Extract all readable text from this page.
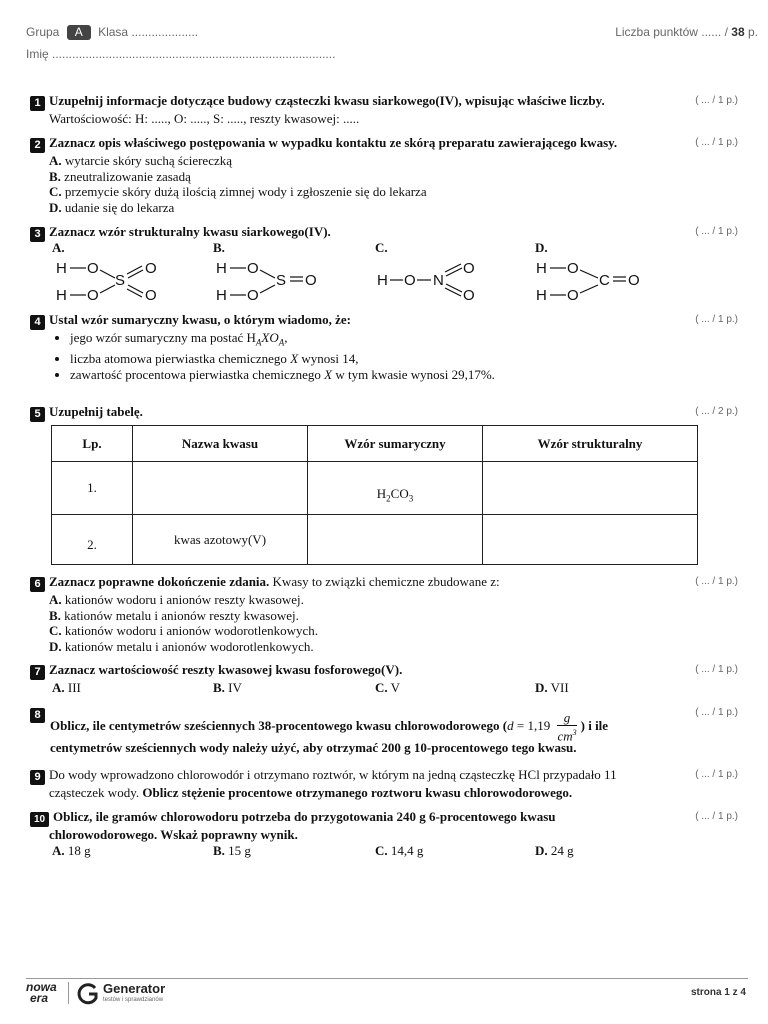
Grupa A Klasa ....................	Liczba punktów ...... / 38 p.
Imię .....................................................................................
1 Uzupełnij informacje dotyczące budowy cząsteczki kwasu siarkowego(IV), wpisując właściwe liczby.
Wartościowość: H: ....., O: ....., S: ....., reszty kwasowej: .....
( ... / 1 p.)
2 Zaznacz opis właściwego postępowania w wypadku kontaktu ze skórą preparatu zawierającego kwasy.
A. wytarcie skóry suchą ściereczką
B. zneutralizowanie zasadą
C. przemycie skóry dużą ilością zimnej wody i zgłoszenie się do lekarza
D. udanie się do lekarza
( ... / 1 p.)
3 Zaznacz wzór strukturalny kwasu siarkowego(IV).	( ... / 1 p.)
A.	B.	C.	D.
H O
S
O
O
H O
H O
S O
H O
H O N
O
O
H O
C O
H O
4 Ustal wzór sumaryczny kwasu, o którym wiadomo, że:
• jego wzór sumaryczny ma postać $H_AXO_A$,
• liczba atomowa pierwiastka chemicznego X wynosi 14,
• zawartość procentowa pierwiastka chemicznego X w tym kwasie wynosi 29,17%.
( ... / 1 p.)
5 Uzupełnij tabelę.	( ... / 2 p.)
Lp.	Nazwa kwasu	Wzór sumaryczny	Wzór strukturalny
1.		$H_2CO_3$	
2.	kwas azotowy(V)		
6 Zaznacz poprawne dokończenie zdania. Kwasy to związki chemiczne zbudowane z:
A. kationów wodoru i anionów reszty kwasowej.
B. kationów metalu i anionów reszty kwasowej.
C. kationów wodoru i anionów wodorotlenkowych.
D. kationów metalu i anionów wodorotlenkowych.
( ... / 1 p.)
7 Zaznacz wartościowość reszty kwasowej kwasu fosforowego(V).
A. III	B. IV	C. V	D. VII
( ... / 1 p.)
8
Oblicz, ile centymetrów sześciennych 38-procentowego kwasu chlorowodorowego ($d = 1,19 \frac{g}{cm^3}$ ) i ile
centymetrów sześciennych wody należy użyć, aby otrzymać 200 g 10-procentowego tego kwasu.
( ... / 1 p.)
9 Do wody wprowadzono chlorowodór i otrzymano roztwór, w którym na jedną cząsteczkę HCl przypadało 11
cząsteczek wody. Oblicz stężenie procentowe otrzymanego roztworu kwasu chlorowodorowego.
( ... / 1 p.)
10 Oblicz, ile gramów chlorowodoru potrzeba do przygotowania 240 g 6-procentowego kwasu
chlorowodorowego. Wskaż poprawny wynik.
A. 18 g	B. 15 g	C. 14,4 g	D. 24 g
( ... / 1 p.)
nowa
era
Generator
testów i sprawdzianów
strona 1 z 4
